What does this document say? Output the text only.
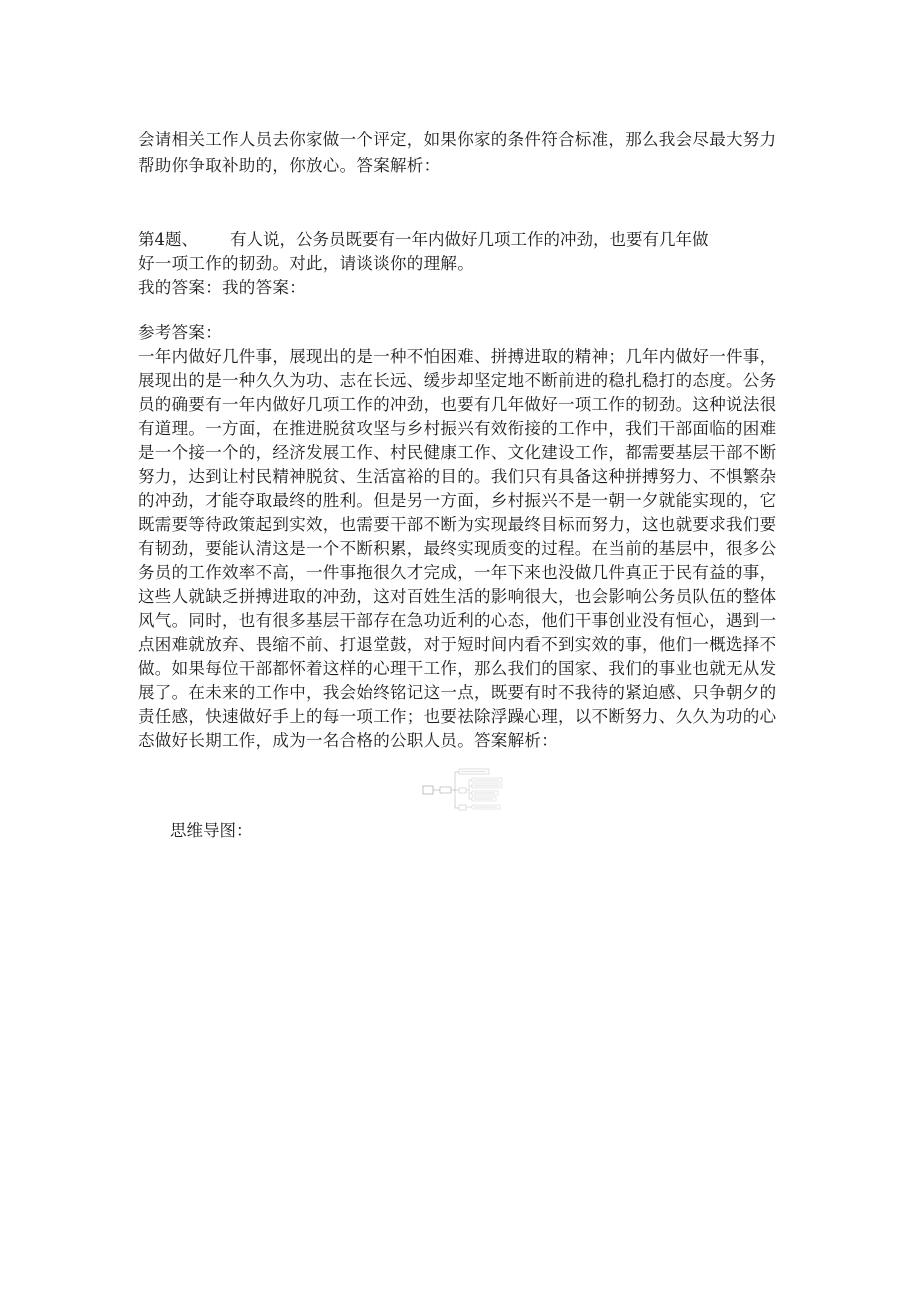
会请相关工作人员去你家做一个评定，如果你家的条件符合标准，那么我会尽最大努力
帮助你争取补助的，你放心。答案解析：
第4题、 有人说，公务员既要有一年内做好几项工作的冲劲，也要有几年做
好一项工作的韧劲。对此，请谈谈你的理解。
我的答案：我的答案：
参考答案：
一年内做好几件事，展现出的是一种不怕困难、拼搏进取的精神；几年内做好一件事，
展现出的是一种久久为功、志在长远、缓步却坚定地不断前进的稳扎稳打的态度。公务
员的确要有一年内做好几项工作的冲劲，也要有几年做好一项工作的韧劲。这种说法很
有道理。一方面，在推进脱贫攻坚与乡村振兴有效衔接的工作中，我们干部面临的困难
是一个接一个的，经济发展工作、村民健康工作、文化建设工作，都需要基层干部不断
努力，达到让村民精神脱贫、生活富裕的目的。我们只有具备这种拼搏努力、不惧繁杂
的冲劲，才能夺取最终的胜利。但是另一方面，乡村振兴不是一朝一夕就能实现的，它
既需要等待政策起到实效，也需要干部不断为实现最终目标而努力，这也就要求我们要
有韧劲，要能认清这是一个不断积累，最终实现质变的过程。在当前的基层中，很多公
务员的工作效率不高，一件事拖很久才完成，一年下来也没做几件真正于民有益的事，
这些人就缺乏拼搏进取的冲劲，这对百姓生活的影响很大，也会影响公务员队伍的整体
风气。同时，也有很多基层干部存在急功近利的心态，他们干事创业没有恒心，遇到一
点困难就放弃、畏缩不前、打退堂鼓，对于短时间内看不到实效的事，他们一概选择不
做。如果每位干部都怀着这样的心理干工作，那么我们的国家、我们的事业也就无从发
展了。在未来的工作中，我会始终铭记这一点，既要有时不我待的紧迫感、只争朝夕的
责任感，快速做好手上的每一项工作；也要祛除浮躁心理，以不断努力、久久为功的心
态做好长期工作，成为一名合格的公职人员。答案解析：
思维导图：
